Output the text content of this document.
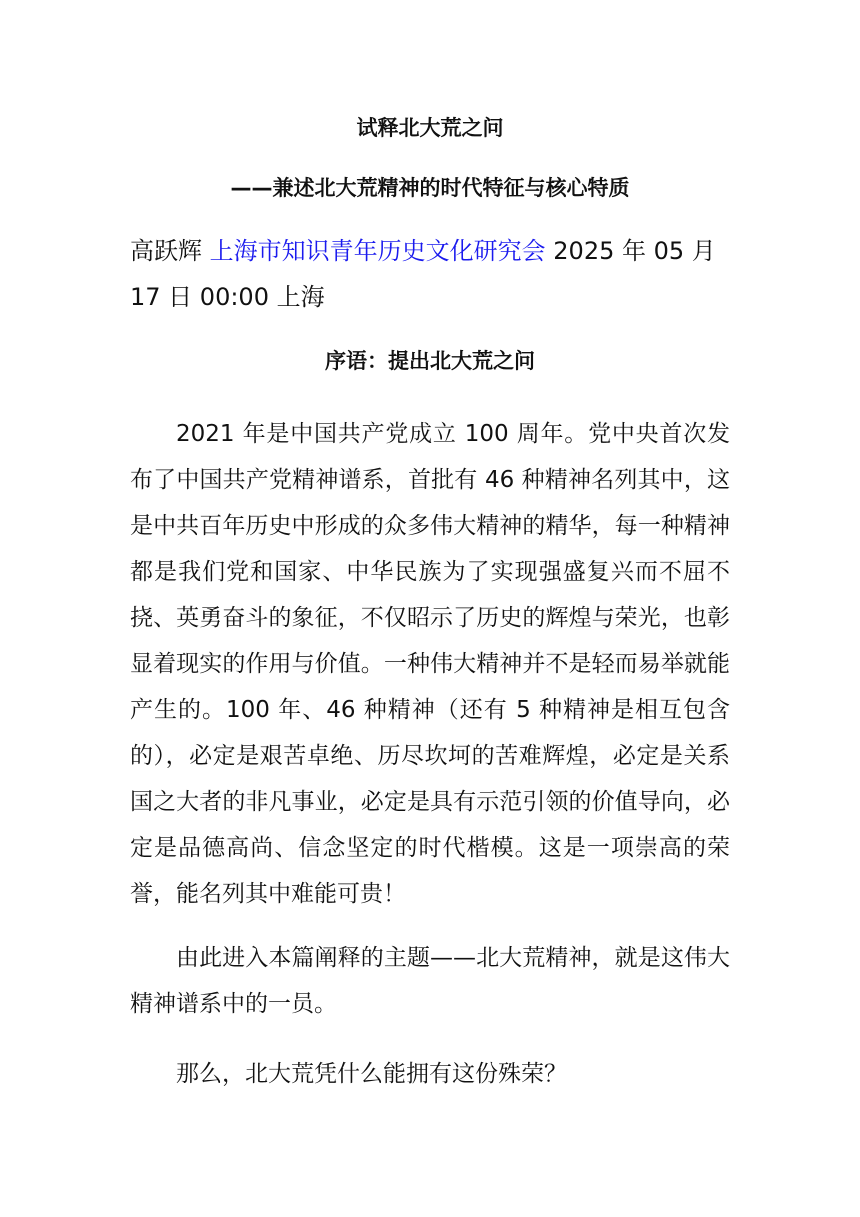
试释北大荒之问
——兼述北大荒精神的时代特征与核心特质

高跃辉 上海市知识青年历史文化研究会 2025 年 05 月 17 日 00:00 上海

序语：提出北大荒之问

2021 年是中国共产党成立 100 周年。党中央首次发布了中国共产党精神谱系，首批有 46 种精神名列其中，这是中共百年历史中形成的众多伟大精神的精华，每一种精神都是我们党和国家、中华民族为了实现强盛复兴而不屈不挠、英勇奋斗的象征，不仅昭示了历史的辉煌与荣光，也彰显着现实的作用与价值。一种伟大精神并不是轻而易举就能产生的。100 年、46 种精神（还有 5 种精神是相互包含的），必定是艰苦卓绝、历尽坎坷的苦难辉煌，必定是关系国之大者的非凡事业，必定是具有示范引领的价值导向，必定是品德高尚、信念坚定的时代楷模。这是一项崇高的荣誉，能名列其中难能可贵！

由此进入本篇阐释的主题——北大荒精神，就是这伟大精神谱系中的一员。

那么，北大荒凭什么能拥有这份殊荣？
